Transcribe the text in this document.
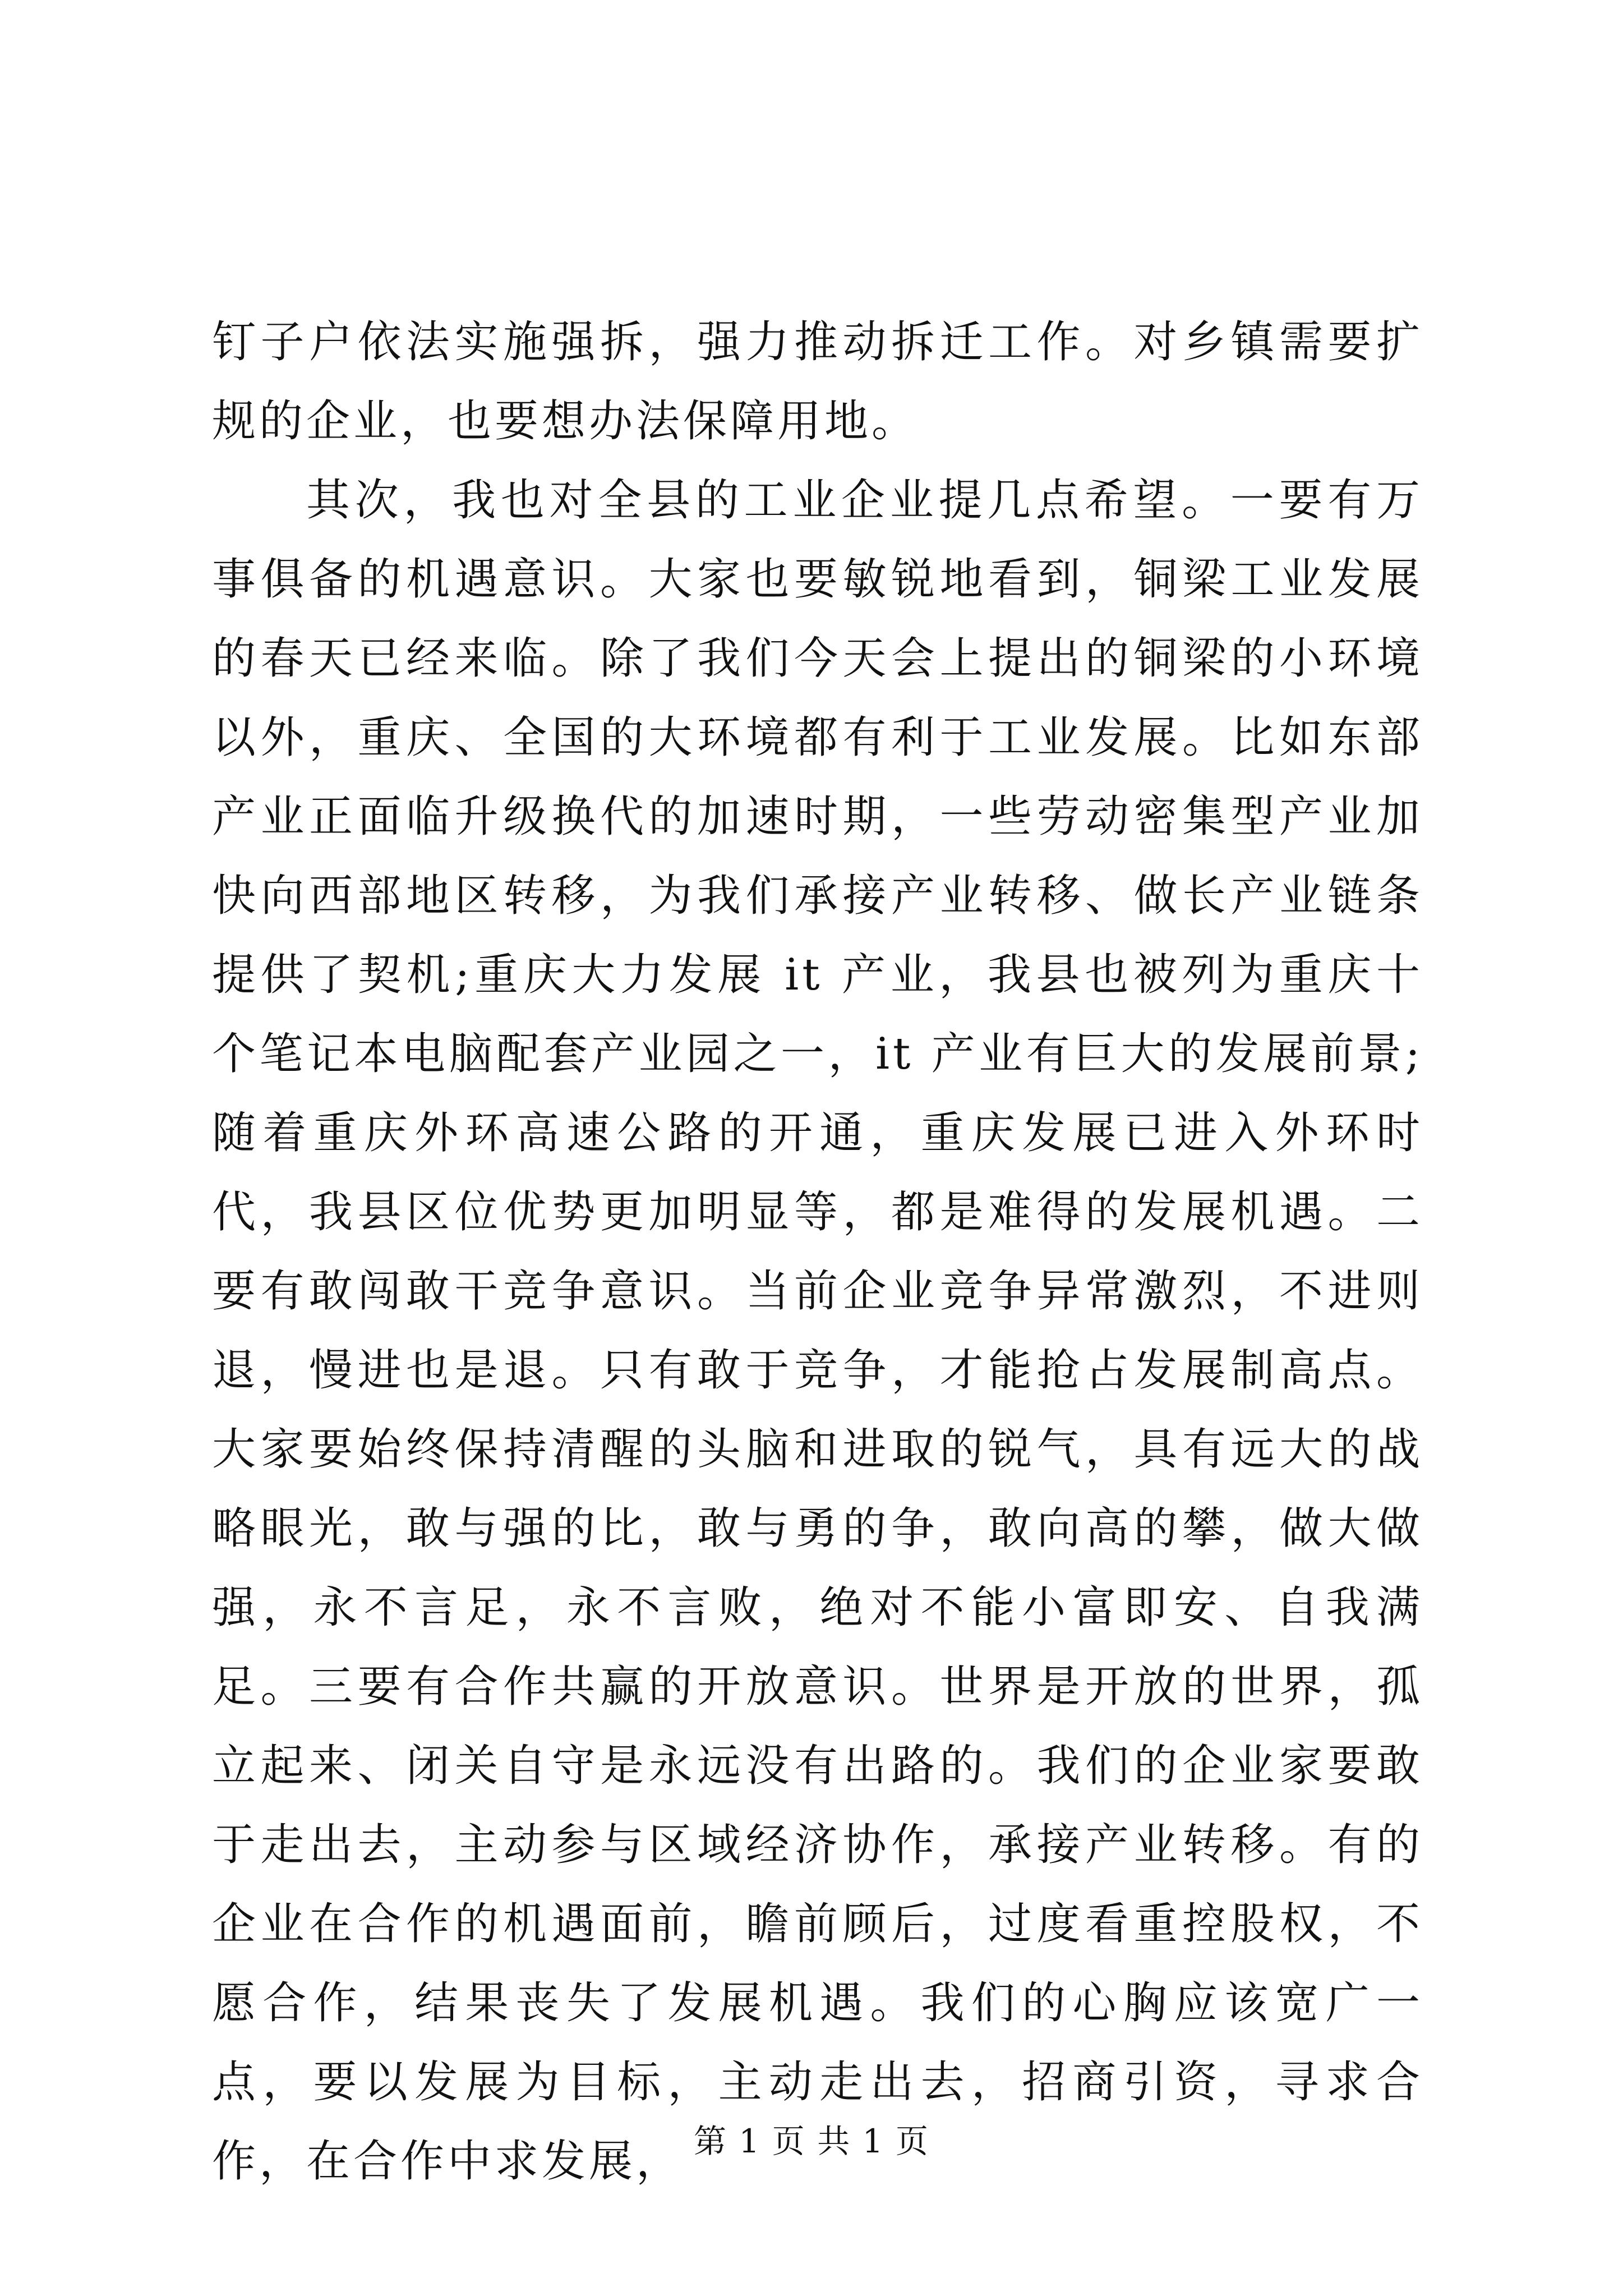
钉子户依法实施强拆，强力推动拆迁工作。对乡镇需要扩规的企业，也要想办法保障用地。

其次，我也对全县的工业企业提几点希望。一要有万事俱备的机遇意识。大家也要敏锐地看到，铜梁工业发展的春天已经来临。除了我们今天会上提出的铜梁的小环境以外，重庆、全国的大环境都有利于工业发展。比如东部产业正面临升级换代的加速时期，一些劳动密集型产业加快向西部地区转移，为我们承接产业转移、做长产业链条提供了契机;重庆大力发展 it 产业，我县也被列为重庆十个笔记本电脑配套产业园之一，it 产业有巨大的发展前景;随着重庆外环高速公路的开通，重庆发展已进入外环时代，我县区位优势更加明显等，都是难得的发展机遇。二要有敢闯敢干竞争意识。当前企业竞争异常激烈，不进则退，慢进也是退。只有敢于竞争，才能抢占发展制高点。大家要始终保持清醒的头脑和进取的锐气，具有远大的战略眼光，敢与强的比，敢与勇的争，敢向高的攀，做大做强，永不言足，永不言败，绝对不能小富即安、自我满足。三要有合作共赢的开放意识。世界是开放的世界，孤立起来、闭关自守是永远没有出路的。我们的企业家要敢于走出去，主动参与区域经济协作，承接产业转移。有的企业在合作的机遇面前，瞻前顾后，过度看重控股权，不愿合作，结果丧失了发展机遇。我们的心胸应该宽广一点，要以发展为目标，主动走出去，招商引资，寻求合作，在合作中求发展， 第 1 页 共 1 页
